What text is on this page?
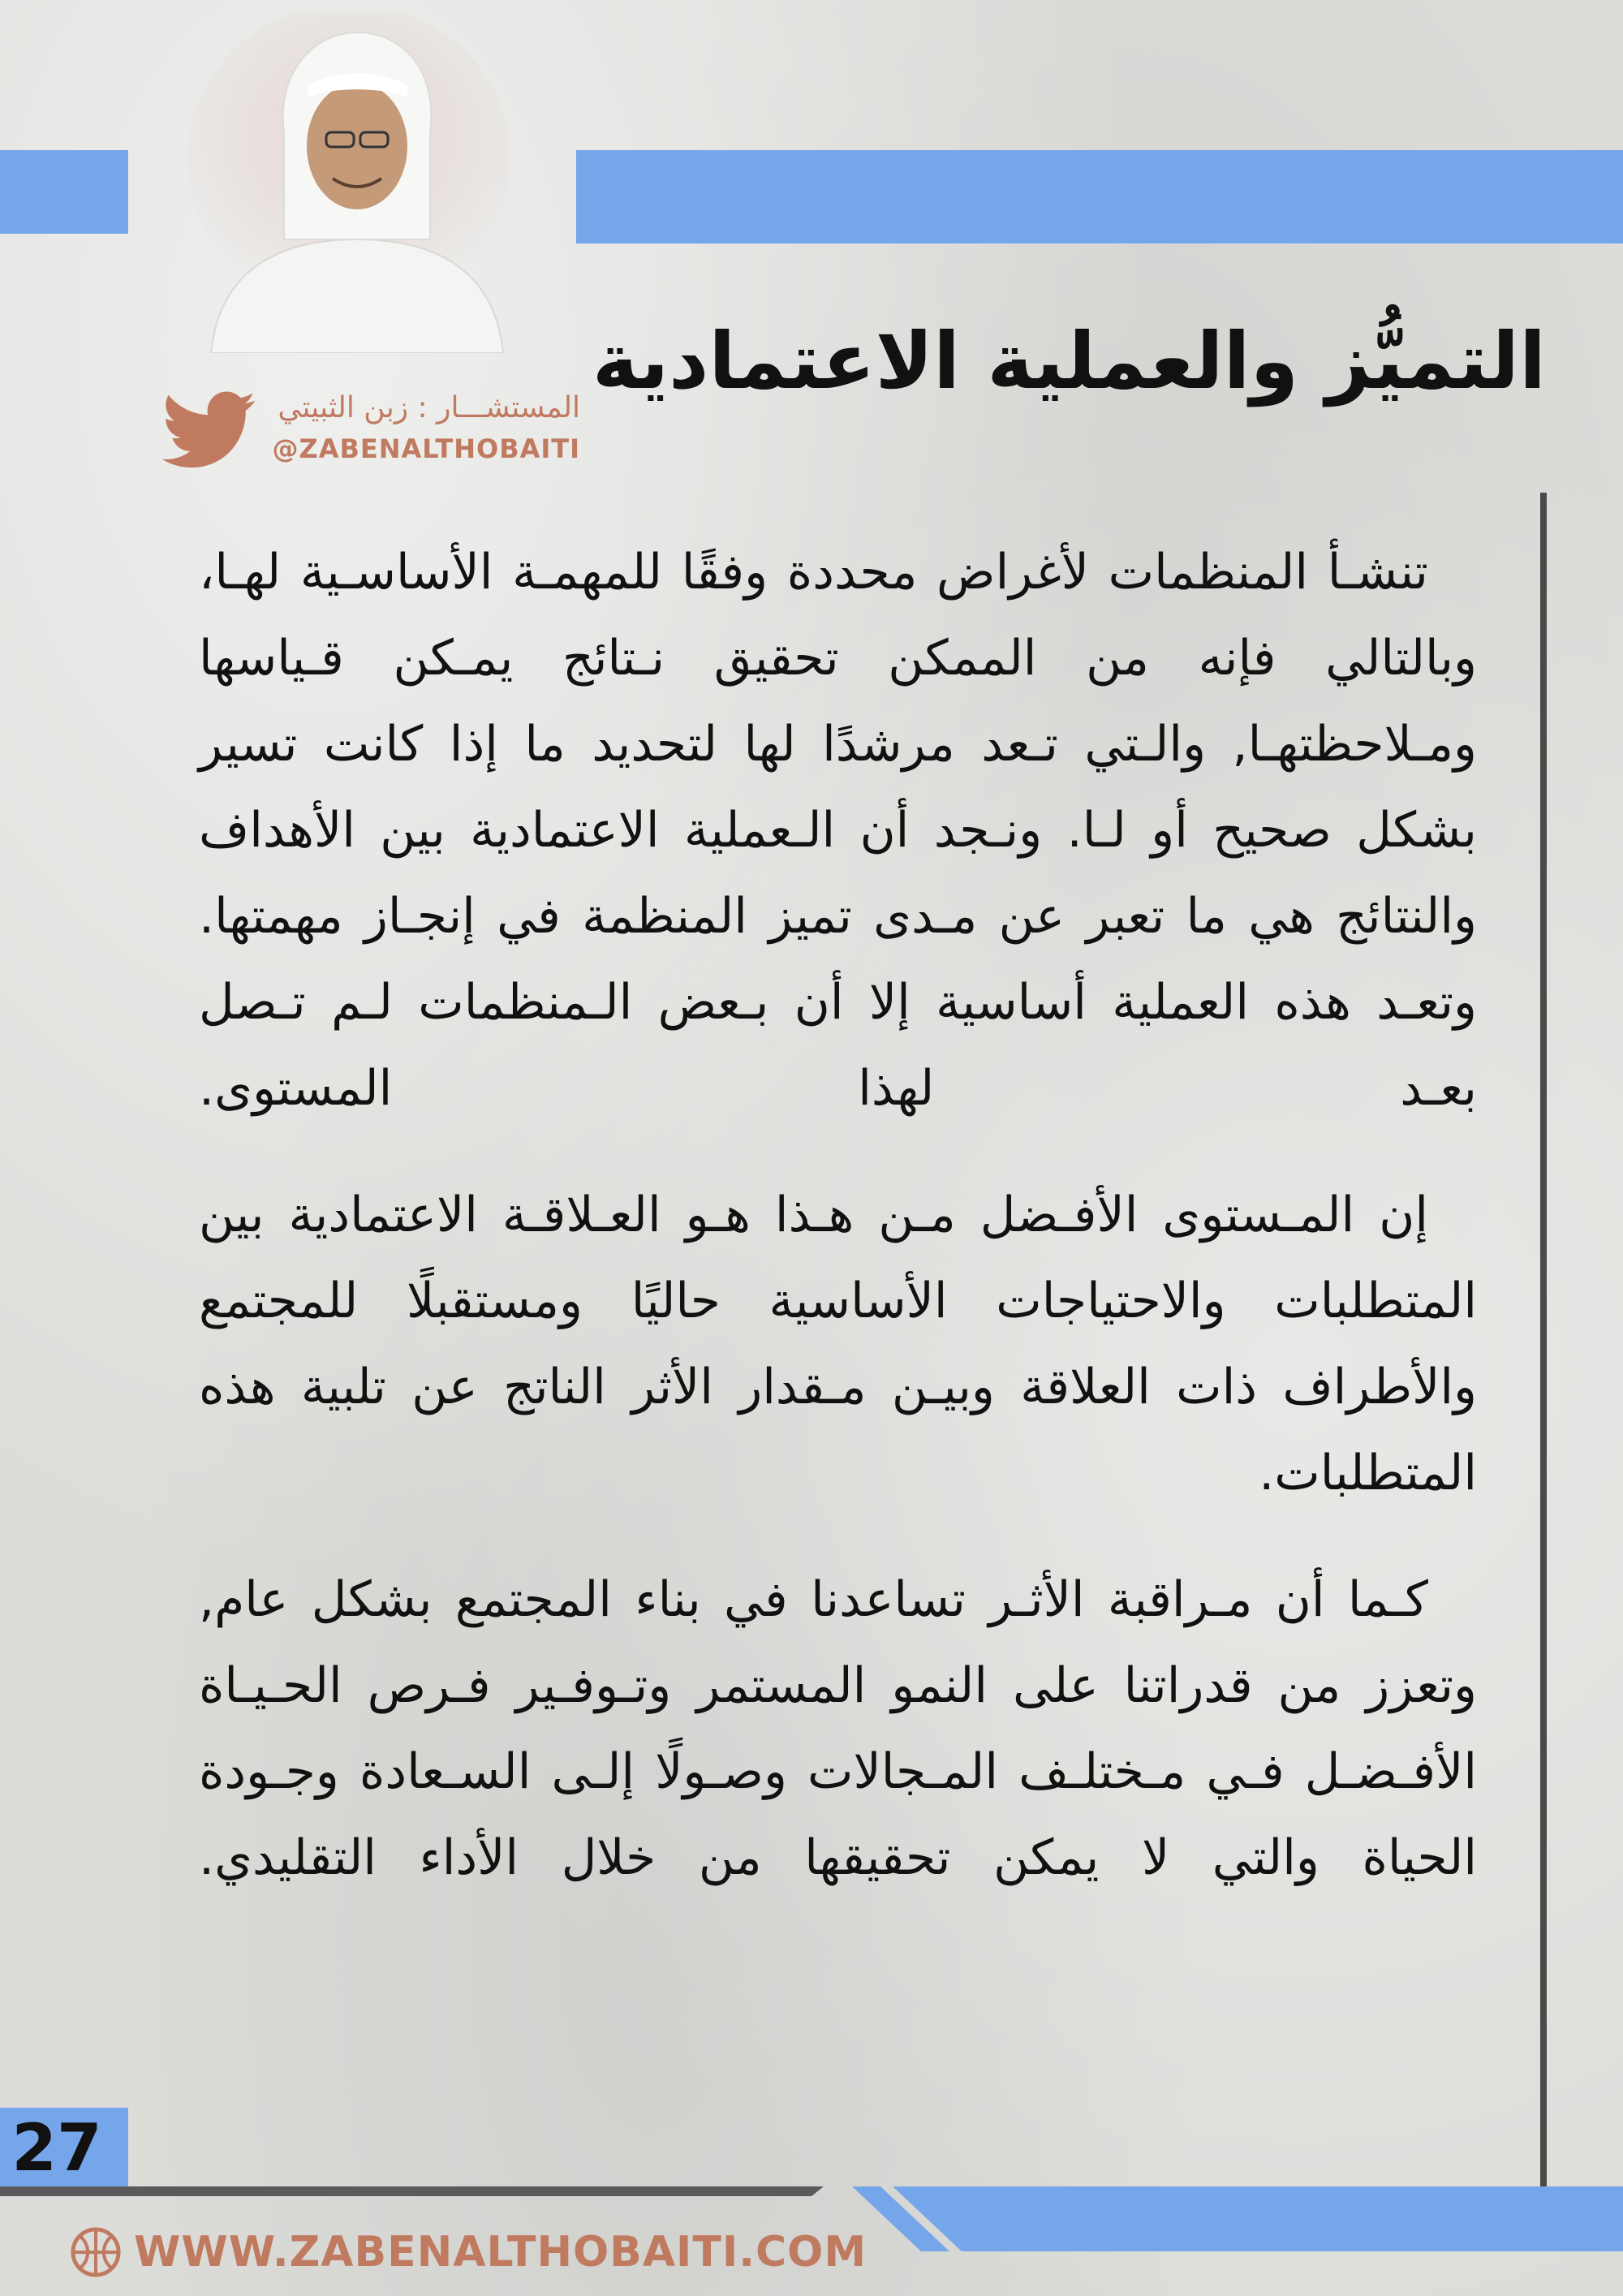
التميُّز والعملية الاعتمادية
المستشـــار : زبن الثبيتي
@ZABENALTHOBAITI

تنشـأ المنظمات لأغراض محددة وفقًا للمهمـة الأساسـية لهـا، وبالتالي فإنه من الممكن تحقيق نـتائج يمـكن قـياسها ومـلاحظتهـا, والـتي تـعد مرشدًا لها لتحديد ما إذا كانت تسير بشكل صحيح أو لـا. ونـجد أن الـعملية الاعتمادية بين الأهداف والنتائج هي ما تعبر عن مـدى تميز المنظمة في إنجـاز مهمتها. وتعـد هذه العملية أساسية إلا أن بـعض الـمنظمات لـم تـصل بعـد لهذا المستوى.

إن المـستوى الأفـضل مـن هـذا هـو العـلاقـة الاعتمادية بين المتطلبات والاحتياجات الأساسية حاليًا ومستقبلًا للمجتمع والأطراف ذات العلاقة وبيـن مـقدار الأثر الناتج عن تلبية هذه المتطلبات.

كـما أن مـراقبة الأثـر تساعدنا في بناء المجتمع بشكل عام, وتعزز من قدراتنا على النمو المستمر وتـوفـير فـرص الحـيـاة الأفـضـل فـي مـختلـف المـجالات وصـولًا إلـى السـعادة وجـودة الحياة والتي لا يمكن تحقيقها من خلال الأداء التقليدي.

27
WWW.ZABENALTHOBAITI.COM
